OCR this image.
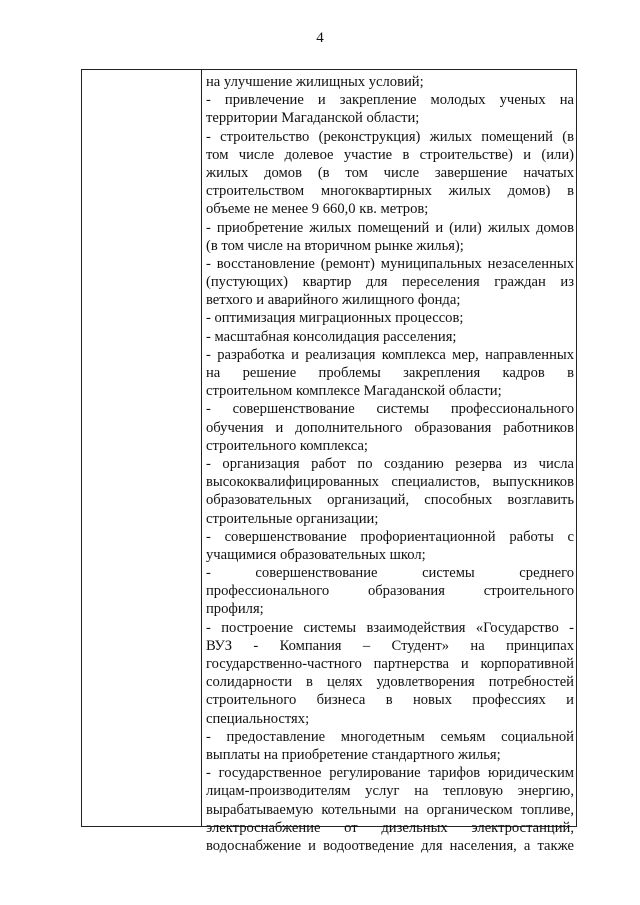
4
на улучшение жилищных условий;
- привлечение и закрепление молодых ученых на
территории Магаданской области;
- строительство (реконструкция) жилых помещений (в
том числе долевое участие в строительстве) и (или)
жилых домов (в том числе завершение начатых
строительством многоквартирных жилых домов) в
объеме не менее 9 660,0 кв. метров;
- приобретение жилых помещений и (или) жилых домов
(в том числе на вторичном рынке жилья);
- восстановление (ремонт) муниципальных незаселенных
(пустующих) квартир для переселения граждан из
ветхого и аварийного жилищного фонда;
- оптимизация миграционных процессов;
- масштабная консолидация расселения;
- разработка и реализация комплекса мер, направленных
на решение проблемы закрепления кадров в
строительном комплексе Магаданской области;
- совершенствование системы профессионального
обучения и дополнительного образования работников
строительного комплекса;
- организация работ по созданию резерва из числа
высококвалифицированных специалистов, выпускников
образовательных организаций, способных возглавить
строительные организации;
- совершенствование профориентационной работы с
учащимися образовательных школ;
- совершенствование системы среднего
профессионального образования строительного
профиля;
- построение системы взаимодействия «Государство -
ВУЗ - Компания – Студент» на принципах
государственно-частного партнерства и корпоративной
солидарности в целях удовлетворения потребностей
строительного бизнеса в новых профессиях и
специальностях;
- предоставление многодетным семьям социальной
выплаты на приобретение стандартного жилья;
- государственное регулирование тарифов юридическим
лицам-производителям услуг на тепловую энергию,
вырабатываемую котельными на органическом топливе,
электроснабжение от дизельных электростанций,
водоснабжение и водоотведение для населения, а также
